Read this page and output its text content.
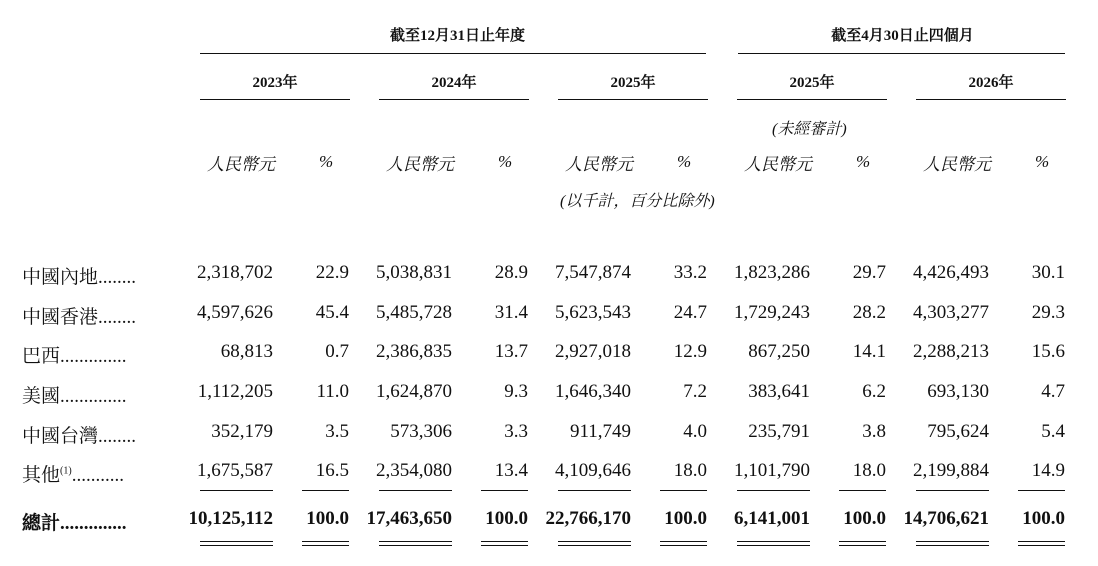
截至12月31日止年度	截至4月30日止四個月
2023年	2024年	2025年	2025年	2026年
(未經審計)
人民幣元	%	人民幣元	%	人民幣元	%	人民幣元	%	人民幣元	%
(以千計，百分比除外)
中國內地........	2,318,702 22.9 5,038,831 28.9 7,547,874 33.2 1,823,286 29.7 4,426,493 30.1
中國香港........	4,597,626 45.4 5,485,728 31.4 5,623,543 24.7 1,729,243 28.2 4,303,277 29.3
巴西..............	68,813	0.7 2,386,835 13.7 2,927,018 12.9 867,250 14.1 2,288,213 15.6
美國..............	1,112,205 11.0 1,624,870	9.3 1,646,340	7.2 383,641	6.2 693,130	4.7
中國台灣........	352,179	3.5 573,306	3.3 911,749	4.0 235,791	3.8 795,624	5.4
其他$^{(1)}$...........	1,675,587 16.5 2,354,080 13.4 4,109,646 18.0 1,101,790 18.0 2,199,884 14.9
總計..............	10,125,112 100.0 17,463,650 100.0 22,766,170 100.0 6,141,001 100.0 14,706,621 100.0
